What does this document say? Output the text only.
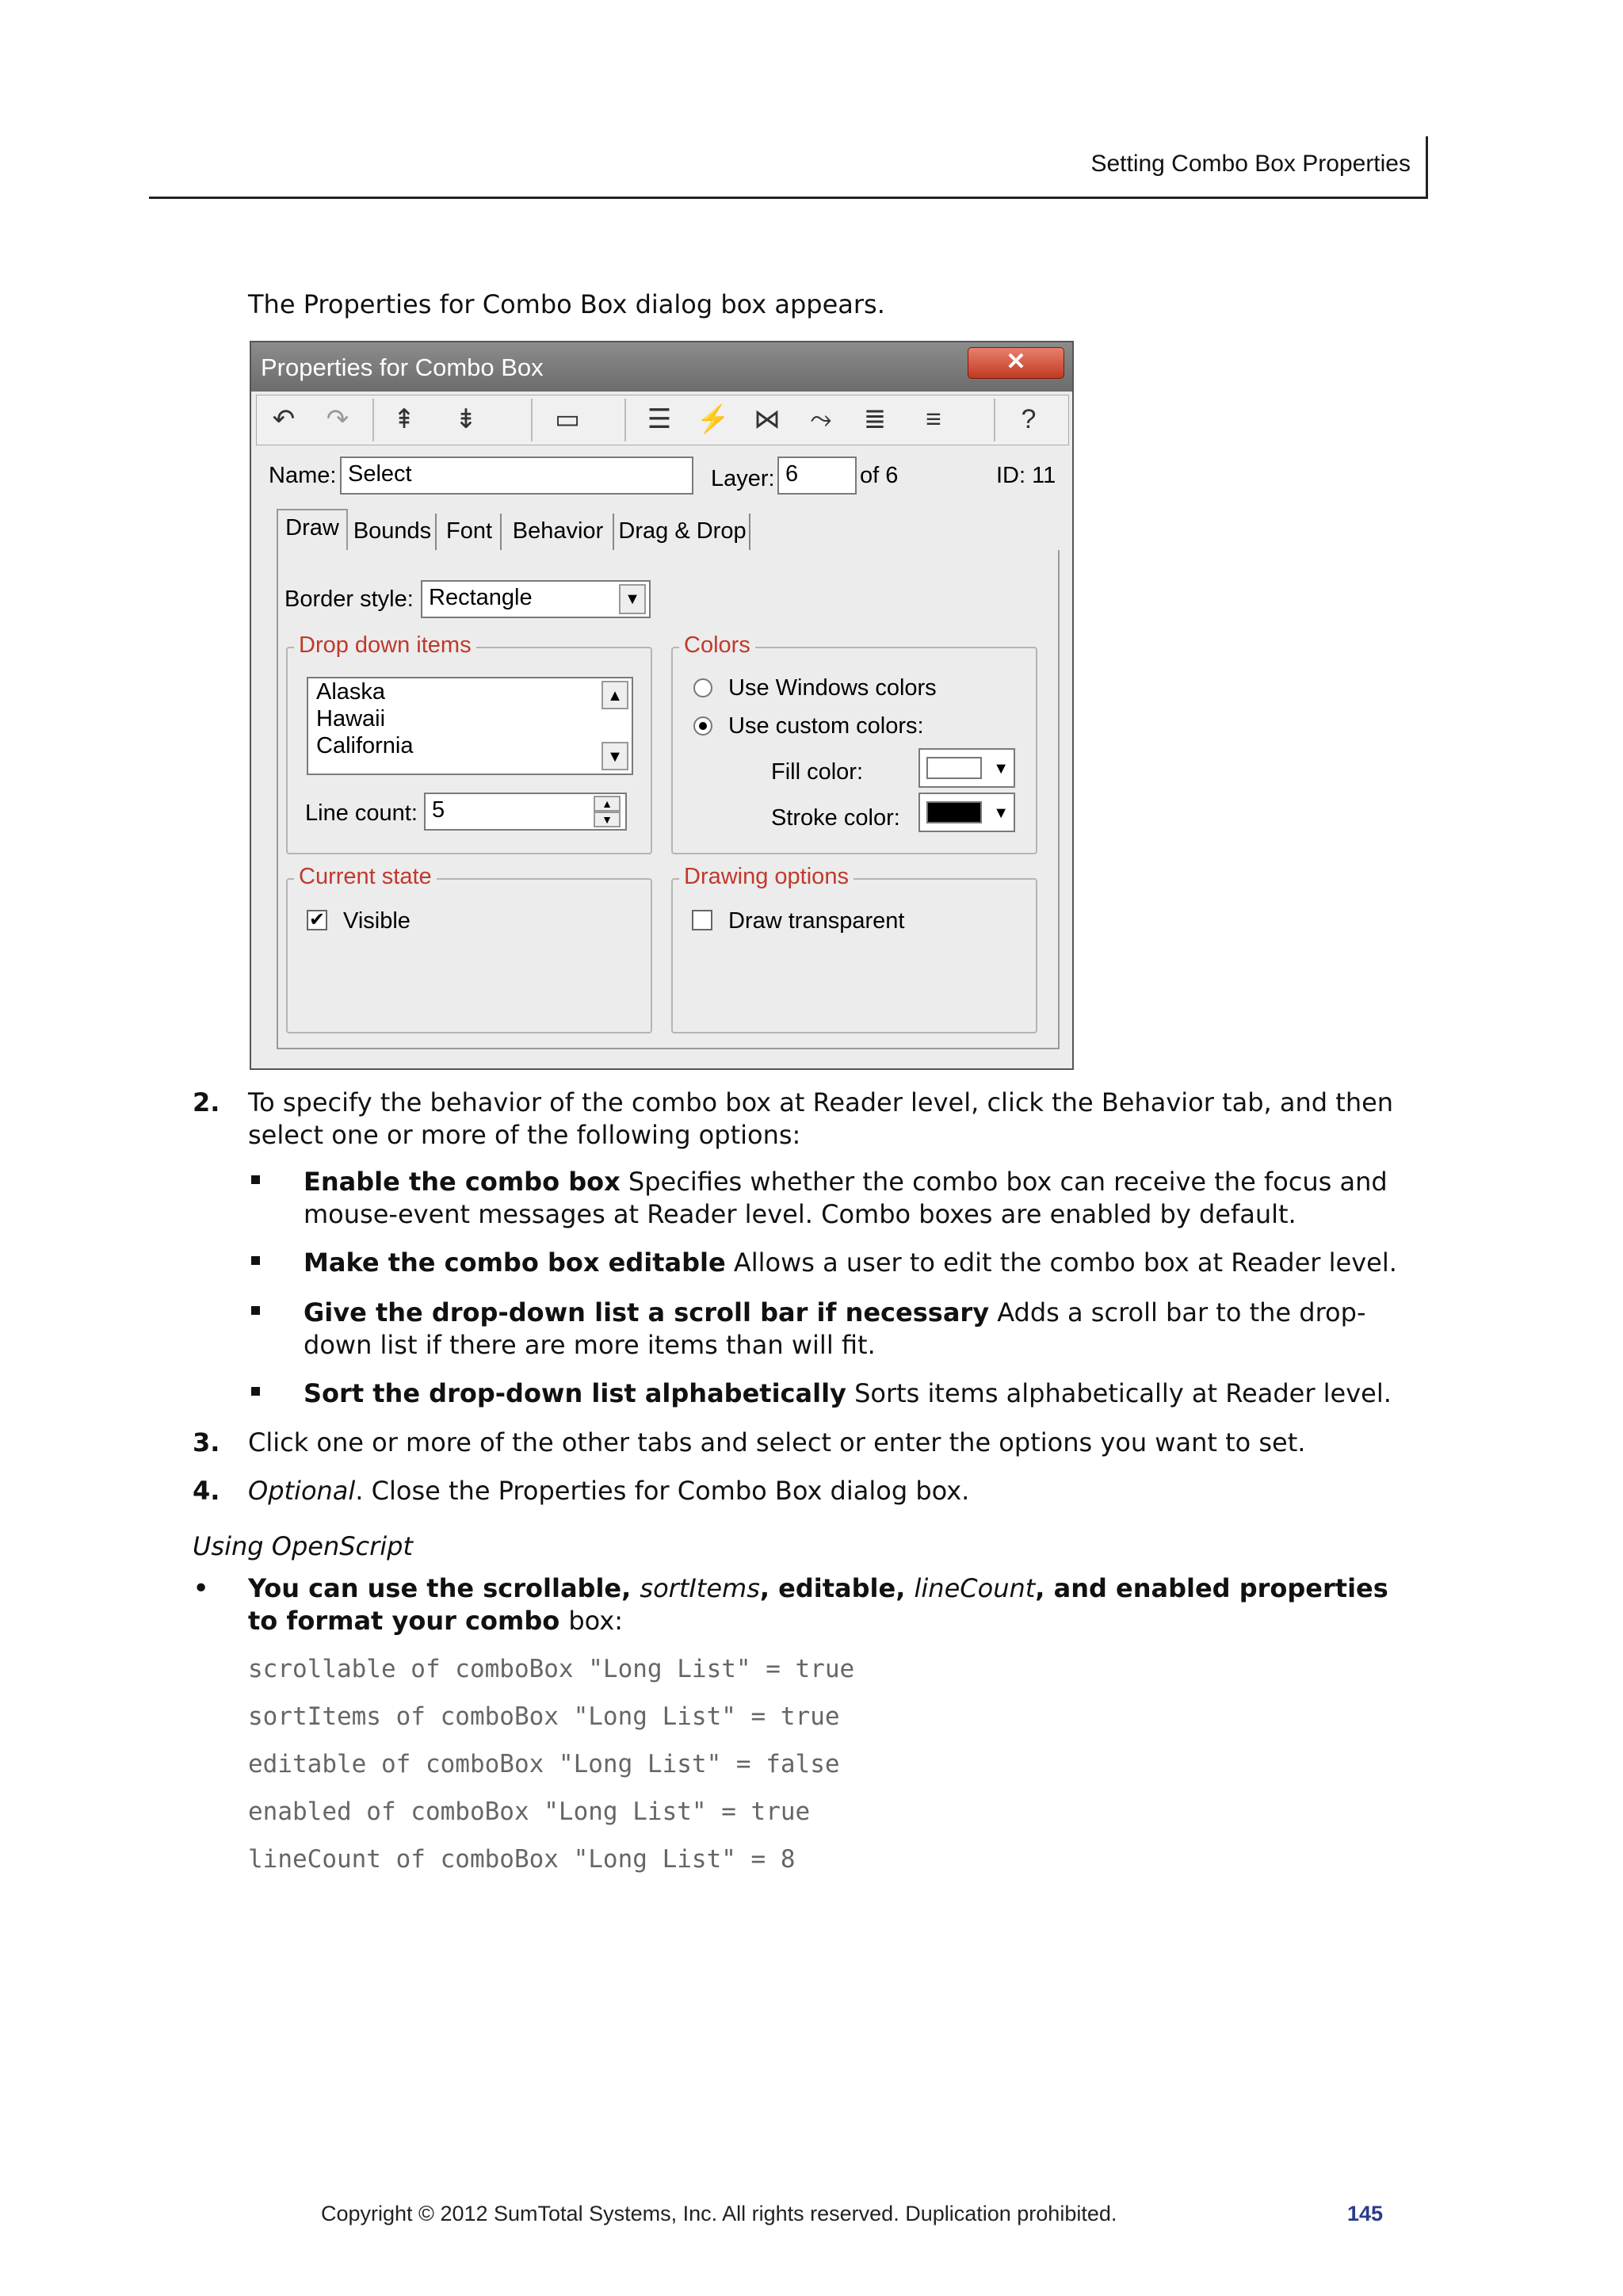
Setting Combo Box Properties
The Properties for Combo Box dialog box appears.
Properties for Combo Box	✕
↶ ↷ ⇞ ⇟	▭ ☰ ⚡ ⋈	⤳	≣	≡	?
Name: Select	Layer: 6	of 6	ID: 11
Draw Bounds Font Behavior Drag & Drop
Border style: Rectangle	▼
Drop down items
Alaska
Hawaii
California
▲
▼
Line count: 5	▲
▼
Colors
Use Windows colors
Use custom colors:
Fill color:	▼
Stroke color:	▼
Current state
✔ Visible
Drawing options
Draw transparent
2. To specify the behavior of the combo box at Reader level, click the Behavior tab, and then select one or more of the following options:
Enable the combo box Specifies whether the combo box can receive the focus and mouse-event messages at Reader level. Combo boxes are enabled by default.
Make the combo box editable Allows a user to edit the combo box at Reader level.
Give the drop-down list a scroll bar if necessary Adds a scroll bar to the drop-down list if there are more items than will fit.
Sort the drop-down list alphabetically Sorts items alphabetically at Reader level.
3. Click one or more of the other tabs and select or enter the options you want to set.
4. Optional. Close the Properties for Combo Box dialog box.
Using OpenScript
• You can use the scrollable, sortItems, editable, lineCount, and enabled properties to format your combo box:
scrollable of comboBox "Long List" = true
sortItems of comboBox "Long List" = true
editable of comboBox "Long List" = false
enabled of comboBox "Long List" = true
lineCount of comboBox "Long List" = 8
Copyright © 2012 SumTotal Systems, Inc. All rights reserved. Duplication prohibited.	145
